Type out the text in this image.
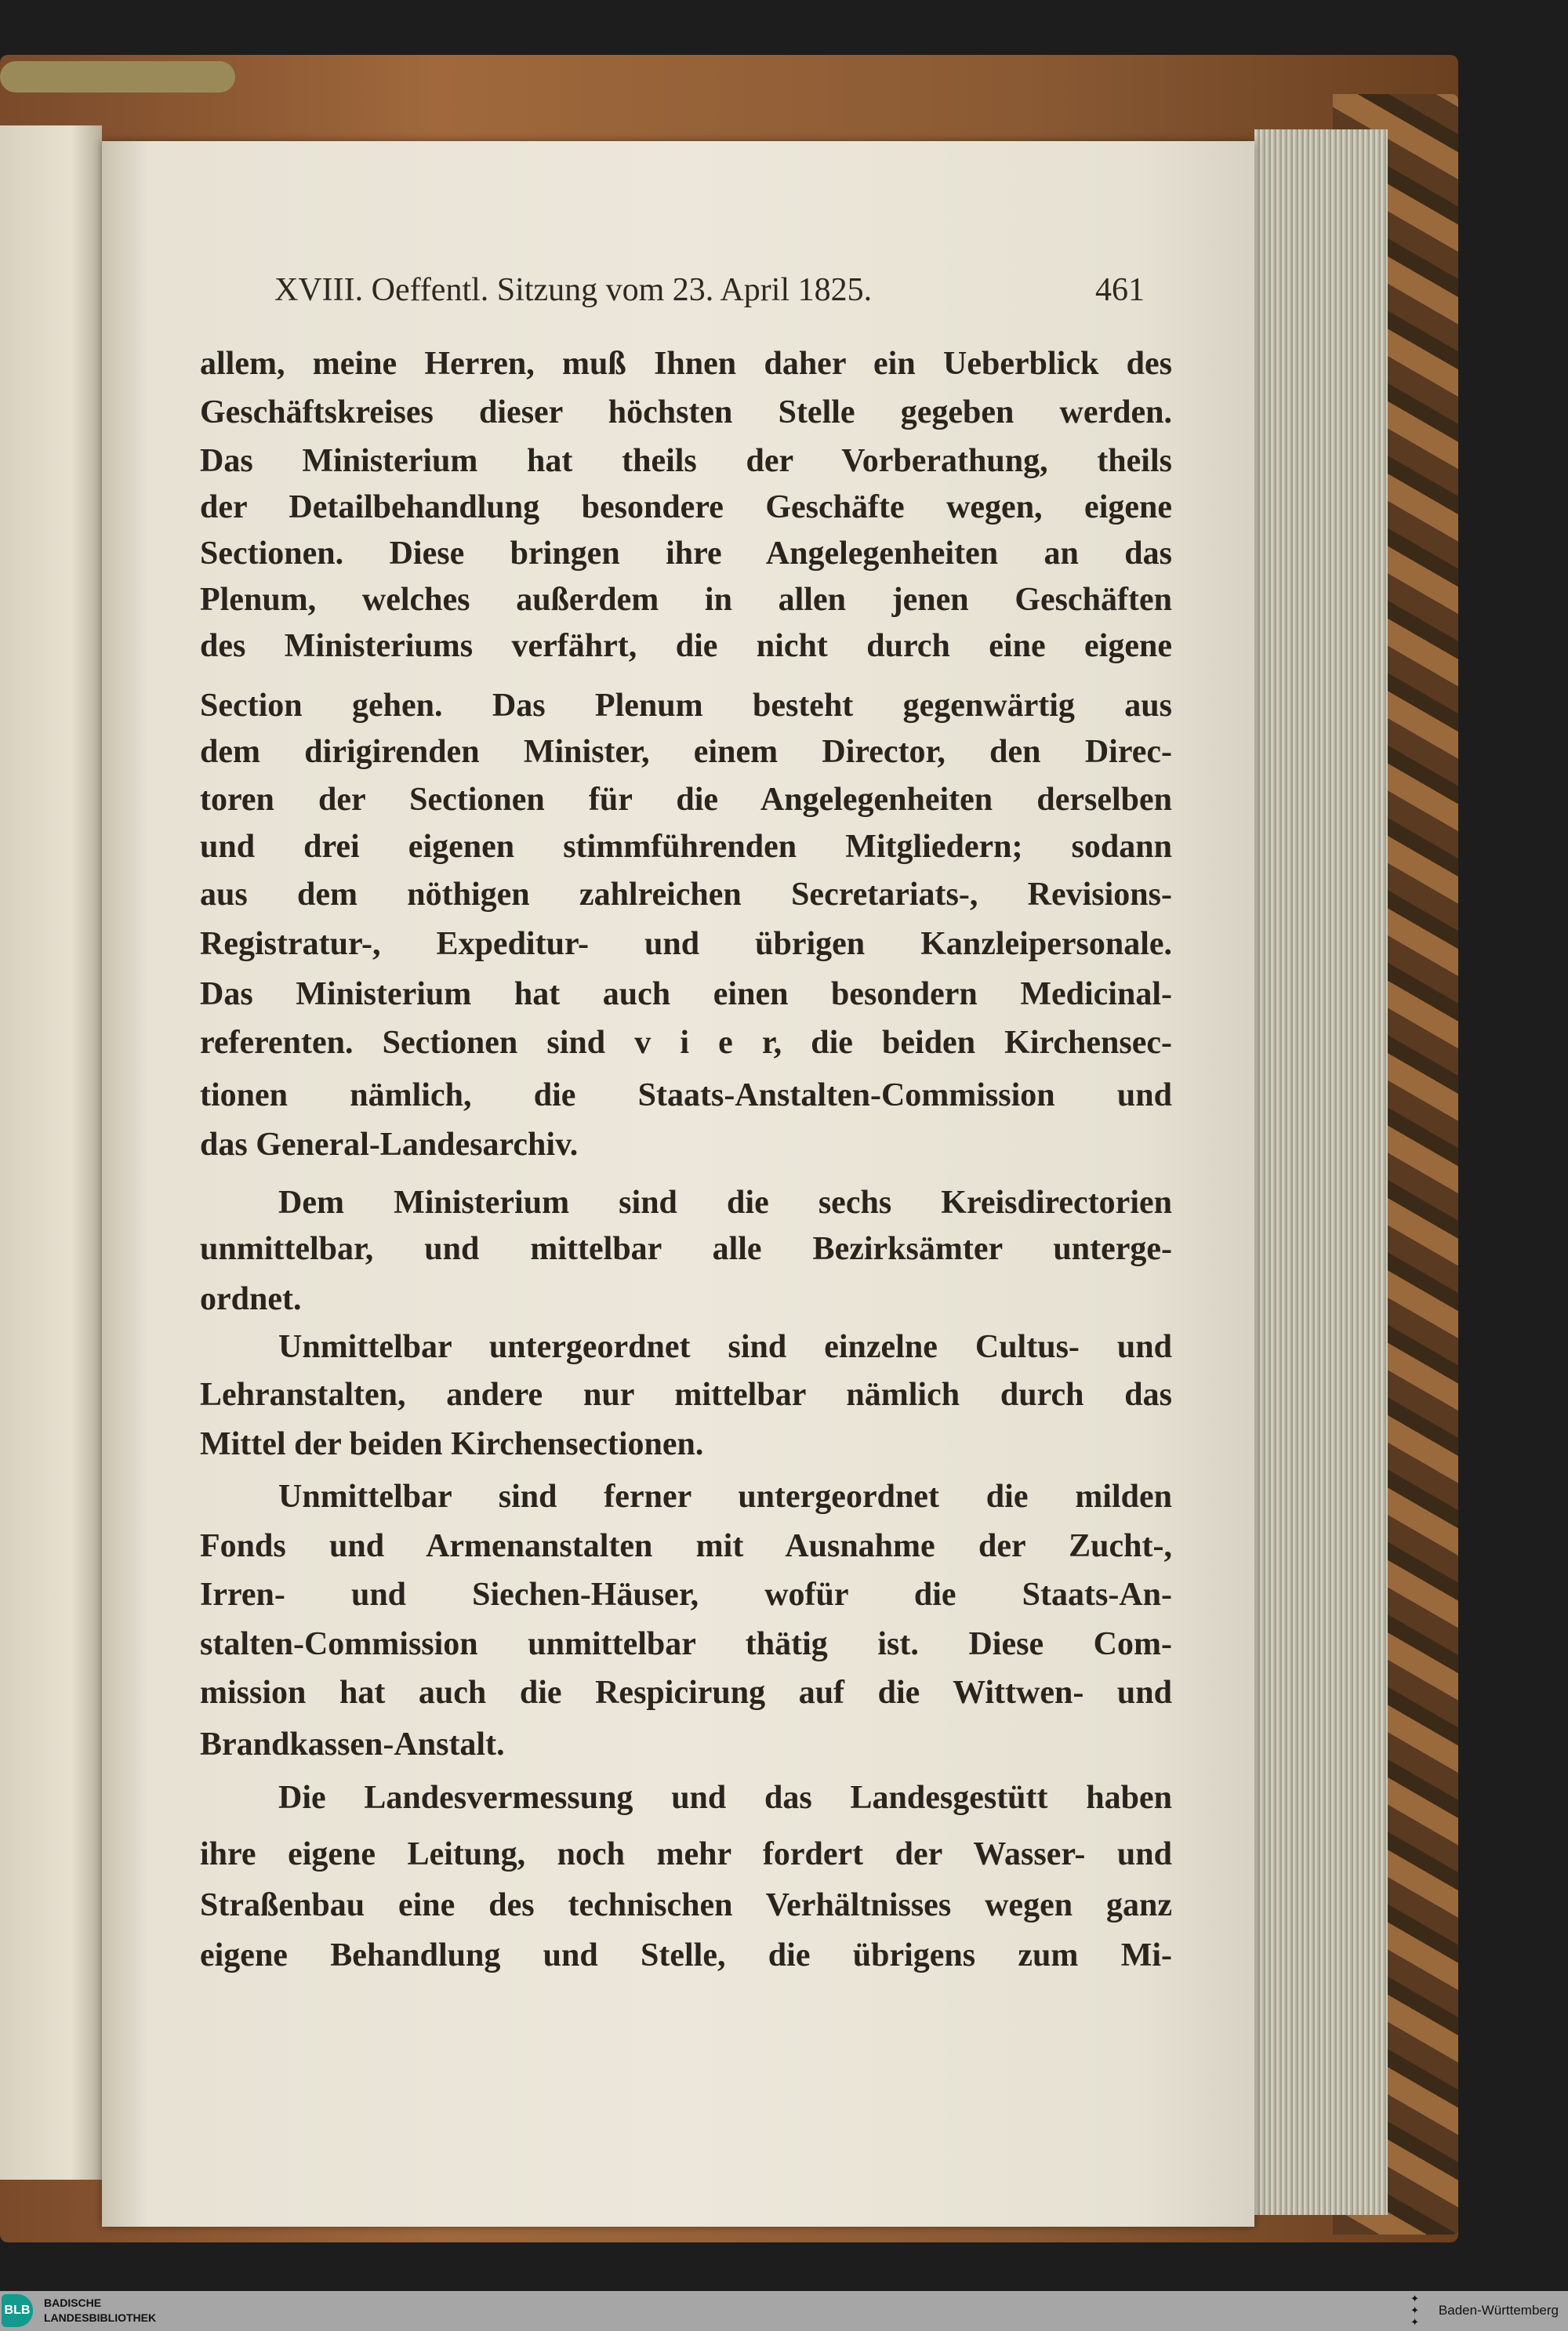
XVIII. Oeffentl. Sitzung vom 23. April 1825.	461
allem, meine Herren, muß Ihnen daher ein Ueberblick des
Geschäftskreises dieser höchsten Stelle gegeben werden.
Das Ministerium hat theils der Vorberathung, theils
der Detailbehandlung besondere Geschäfte wegen, eigene
Sectionen. Diese bringen ihre Angelegenheiten an das
Plenum, welches außerdem in allen jenen Geschäften
des Ministeriums verfährt, die nicht durch eine eigene
Section gehen. Das Plenum besteht gegenwärtig aus
dem dirigirenden Minister, einem Director, den Direc-
toren der Sectionen für die Angelegenheiten derselben
und drei eigenen stimmführenden Mitgliedern; sodann
aus dem nöthigen zahlreichen Secretariats-, Revisions-
Registratur-, Expeditur- und übrigen Kanzleipersonale.
Das Ministerium hat auch einen besondern Medicinal-
referenten. Sectionen sind v i e r, die beiden Kirchensec-
tionen nämlich, die Staats-Anstalten-Commission und
das General-Landesarchiv.
Dem Ministerium sind die sechs Kreisdirectorien
unmittelbar, und mittelbar alle Bezirksämter unterge-
ordnet.
Unmittelbar untergeordnet sind einzelne Cultus- und
Lehranstalten, andere nur mittelbar nämlich durch das
Mittel der beiden Kirchensectionen.
Unmittelbar sind ferner untergeordnet die milden
Fonds und Armenanstalten mit Ausnahme der Zucht-,
Irren- und Siechen-Häuser, wofür die Staats-An-
stalten-Commission unmittelbar thätig ist. Diese Com-
mission hat auch die Respicirung auf die Wittwen- und
Brandkassen-Anstalt.
Die Landesvermessung und das Landesgestütt haben
ihre eigene Leitung, noch mehr fordert der Wasser- und
Straßenbau eine des technischen Verhältnisses wegen ganz
eigene Behandlung und Stelle, die übrigens zum Mi-
BLB
BADISCHE
LANDESBIBLIOTHEK
✦
✦
✦
Baden-Württemberg
